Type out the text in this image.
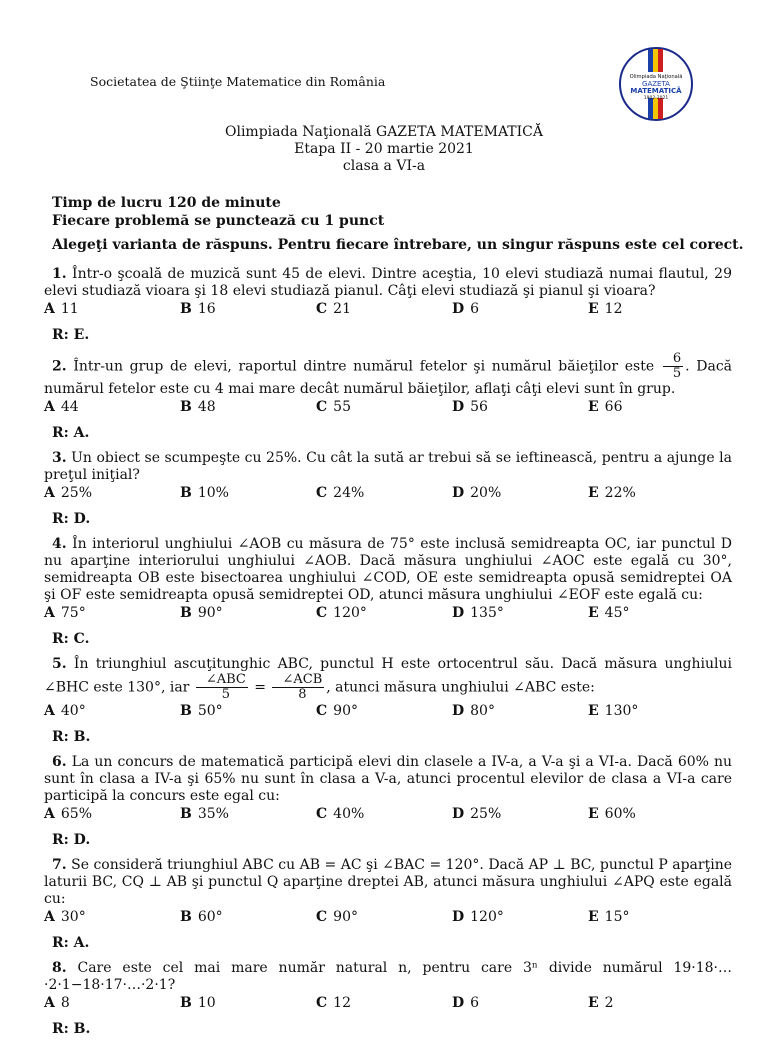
Societatea de Ştiinţe Matematice din România	Olimpiada Naţională
GAZETA
MATEMATICĂ
1902-2021
Olimpiada Naţională GAZETA MATEMATICĂ
Etapa II - 20 martie 2021
clasa a VI-a
Timp de lucru 120 de minute
Fiecare problemă se punctează cu 1 punct
Alegeţi varianta de răspuns. Pentru fiecare întrebare, un singur răspuns este cel corect.
1. Într-o şcoală de muzică sunt 45 de elevi. Dintre aceştia, 10 elevi studiază numai flautul, 29 elevi studiază vioara şi 18 elevi studiază pianul. Câţi elevi studiază şi pianul şi vioara?
A 11	B 16	C 21	D 6	E 12
R: E.
2. Într-un grup de elevi, raportul dintre numărul fetelor şi numărul băieţilor este $\frac{6}{5}$ . Dacă numărul fetelor este cu 4 mai mare decât numărul băieţilor, aflaţi câţi elevi sunt în grup.
A 44	B 48	C 55	D 56	E 66
R: A.
3. Un obiect se scumpeşte cu 25%. Cu cât la sută ar trebui să se ieftinească, pentru a ajunge la preţul iniţial?
A 25%	B 10%	C 24%	D 20%	E 22%
R: D.
4. În interiorul unghiului ∠AOB cu măsura de 75° este inclusă semidreapta OC, iar punctul D nu aparţine interiorului unghiului ∠AOB. Dacă măsura unghiului ∠AOC este egală cu 30°, semidreapta OB este bisectoarea unghiului ∠COD, OE este semidreapta opusă semidreptei OA şi OF este semidreapta opusă semidreptei OD, atunci măsura unghiului ∠EOF este egală cu:
A 75°	B 90°	C 120°	D 135°	E 45°
R: C.
5. În triunghiul ascuţitunghic ABC, punctul H este ortocentrul său. Dacă măsura unghiului ∠BHC este 130°, iar $\frac{\text{∠ABC}}{5} = \frac{\text{∠ACB}}{8}$ , atunci măsura unghiului ∠ABC este:
A 40°	B 50°	C 90°	D 80°	E 130°
R: B.
6. La un concurs de matematică participă elevi din clasele a IV-a, a V-a şi a VI-a. Dacă 60% nu sunt în clasa a IV-a şi 65% nu sunt în clasa a V-a, atunci procentul elevilor de clasa a VI-a care participă la concurs este egal cu:
A 65%	B 35%	C 40%	D 25%	E 60%
R: D.
7. Se consideră triunghiul ABC cu AB = AC şi ∠BAC = 120°. Dacă AP ⊥ BC, punctul P aparţine laturii BC, CQ ⊥ AB şi punctul Q aparţine dreptei AB, atunci măsura unghiului ∠APQ este egală cu:
A 30°	B 60°	C 90°	D 120°	E 15°
R: A.
8. Care este cel mai mare număr natural n, pentru care 3ⁿ divide numărul 19·18·…·2·1−18·17·…·2·1?
A 8	B 10	C 12	D 6	E 2
R: B.
